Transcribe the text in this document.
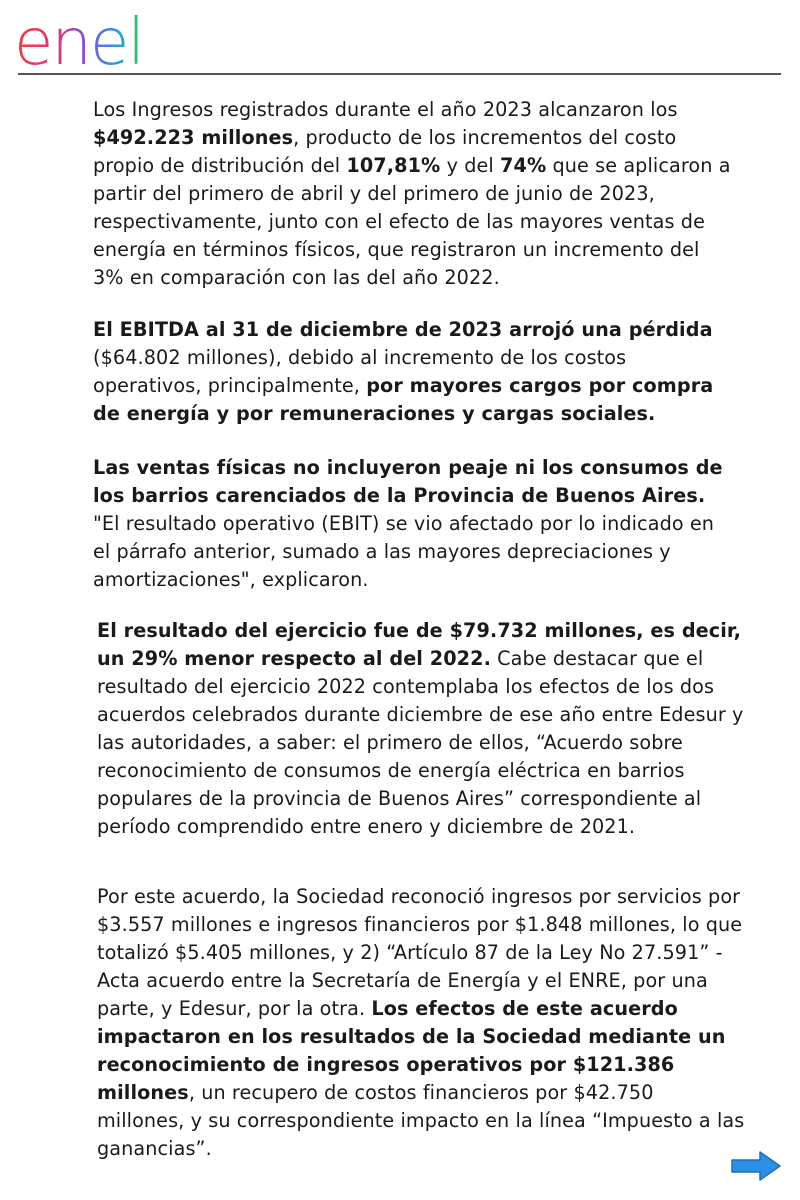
enel

Los Ingresos registrados durante el año 2023 alcanzaron los $492.223 millones, producto de los incrementos del costo propio de distribución del 107,81% y del 74% que se aplicaron a partir del primero de abril y del primero de junio de 2023, respectivamente, junto con el efecto de las mayores ventas de energía en términos físicos, que registraron un incremento del 3% en comparación con las del año 2022.

El EBITDA al 31 de diciembre de 2023 arrojó una pérdida ($64.802 millones), debido al incremento de los costos operativos, principalmente, por mayores cargos por compra de energía y por remuneraciones y cargas sociales.

Las ventas físicas no incluyeron peaje ni los consumos de los barrios carenciados de la Provincia de Buenos Aires. "El resultado operativo (EBIT) se vio afectado por lo indicado en el párrafo anterior, sumado a las mayores depreciaciones y amortizaciones", explicaron.

El resultado del ejercicio fue de $79.732 millones, es decir, un 29% menor respecto al del 2022. Cabe destacar que el resultado del ejercicio 2022 contemplaba los efectos de los dos acuerdos celebrados durante diciembre de ese año entre Edesur y las autoridades, a saber: el primero de ellos, “Acuerdo sobre reconocimiento de consumos de energía eléctrica en barrios populares de la provincia de Buenos Aires” correspondiente al período comprendido entre enero y diciembre de 2021.

Por este acuerdo, la Sociedad reconoció ingresos por servicios por $3.557 millones e ingresos financieros por $1.848 millones, lo que totalizó $5.405 millones, y 2) “Artículo 87 de la Ley No 27.591” - Acta acuerdo entre la Secretaría de Energía y el ENRE, por una parte, y Edesur, por la otra. Los efectos de este acuerdo impactaron en los resultados de la Sociedad mediante un reconocimiento de ingresos operativos por $121.386 millones, un recupero de costos financieros por $42.750 millones, y su correspondiente impacto en la línea “Impuesto a las ganancias”.
